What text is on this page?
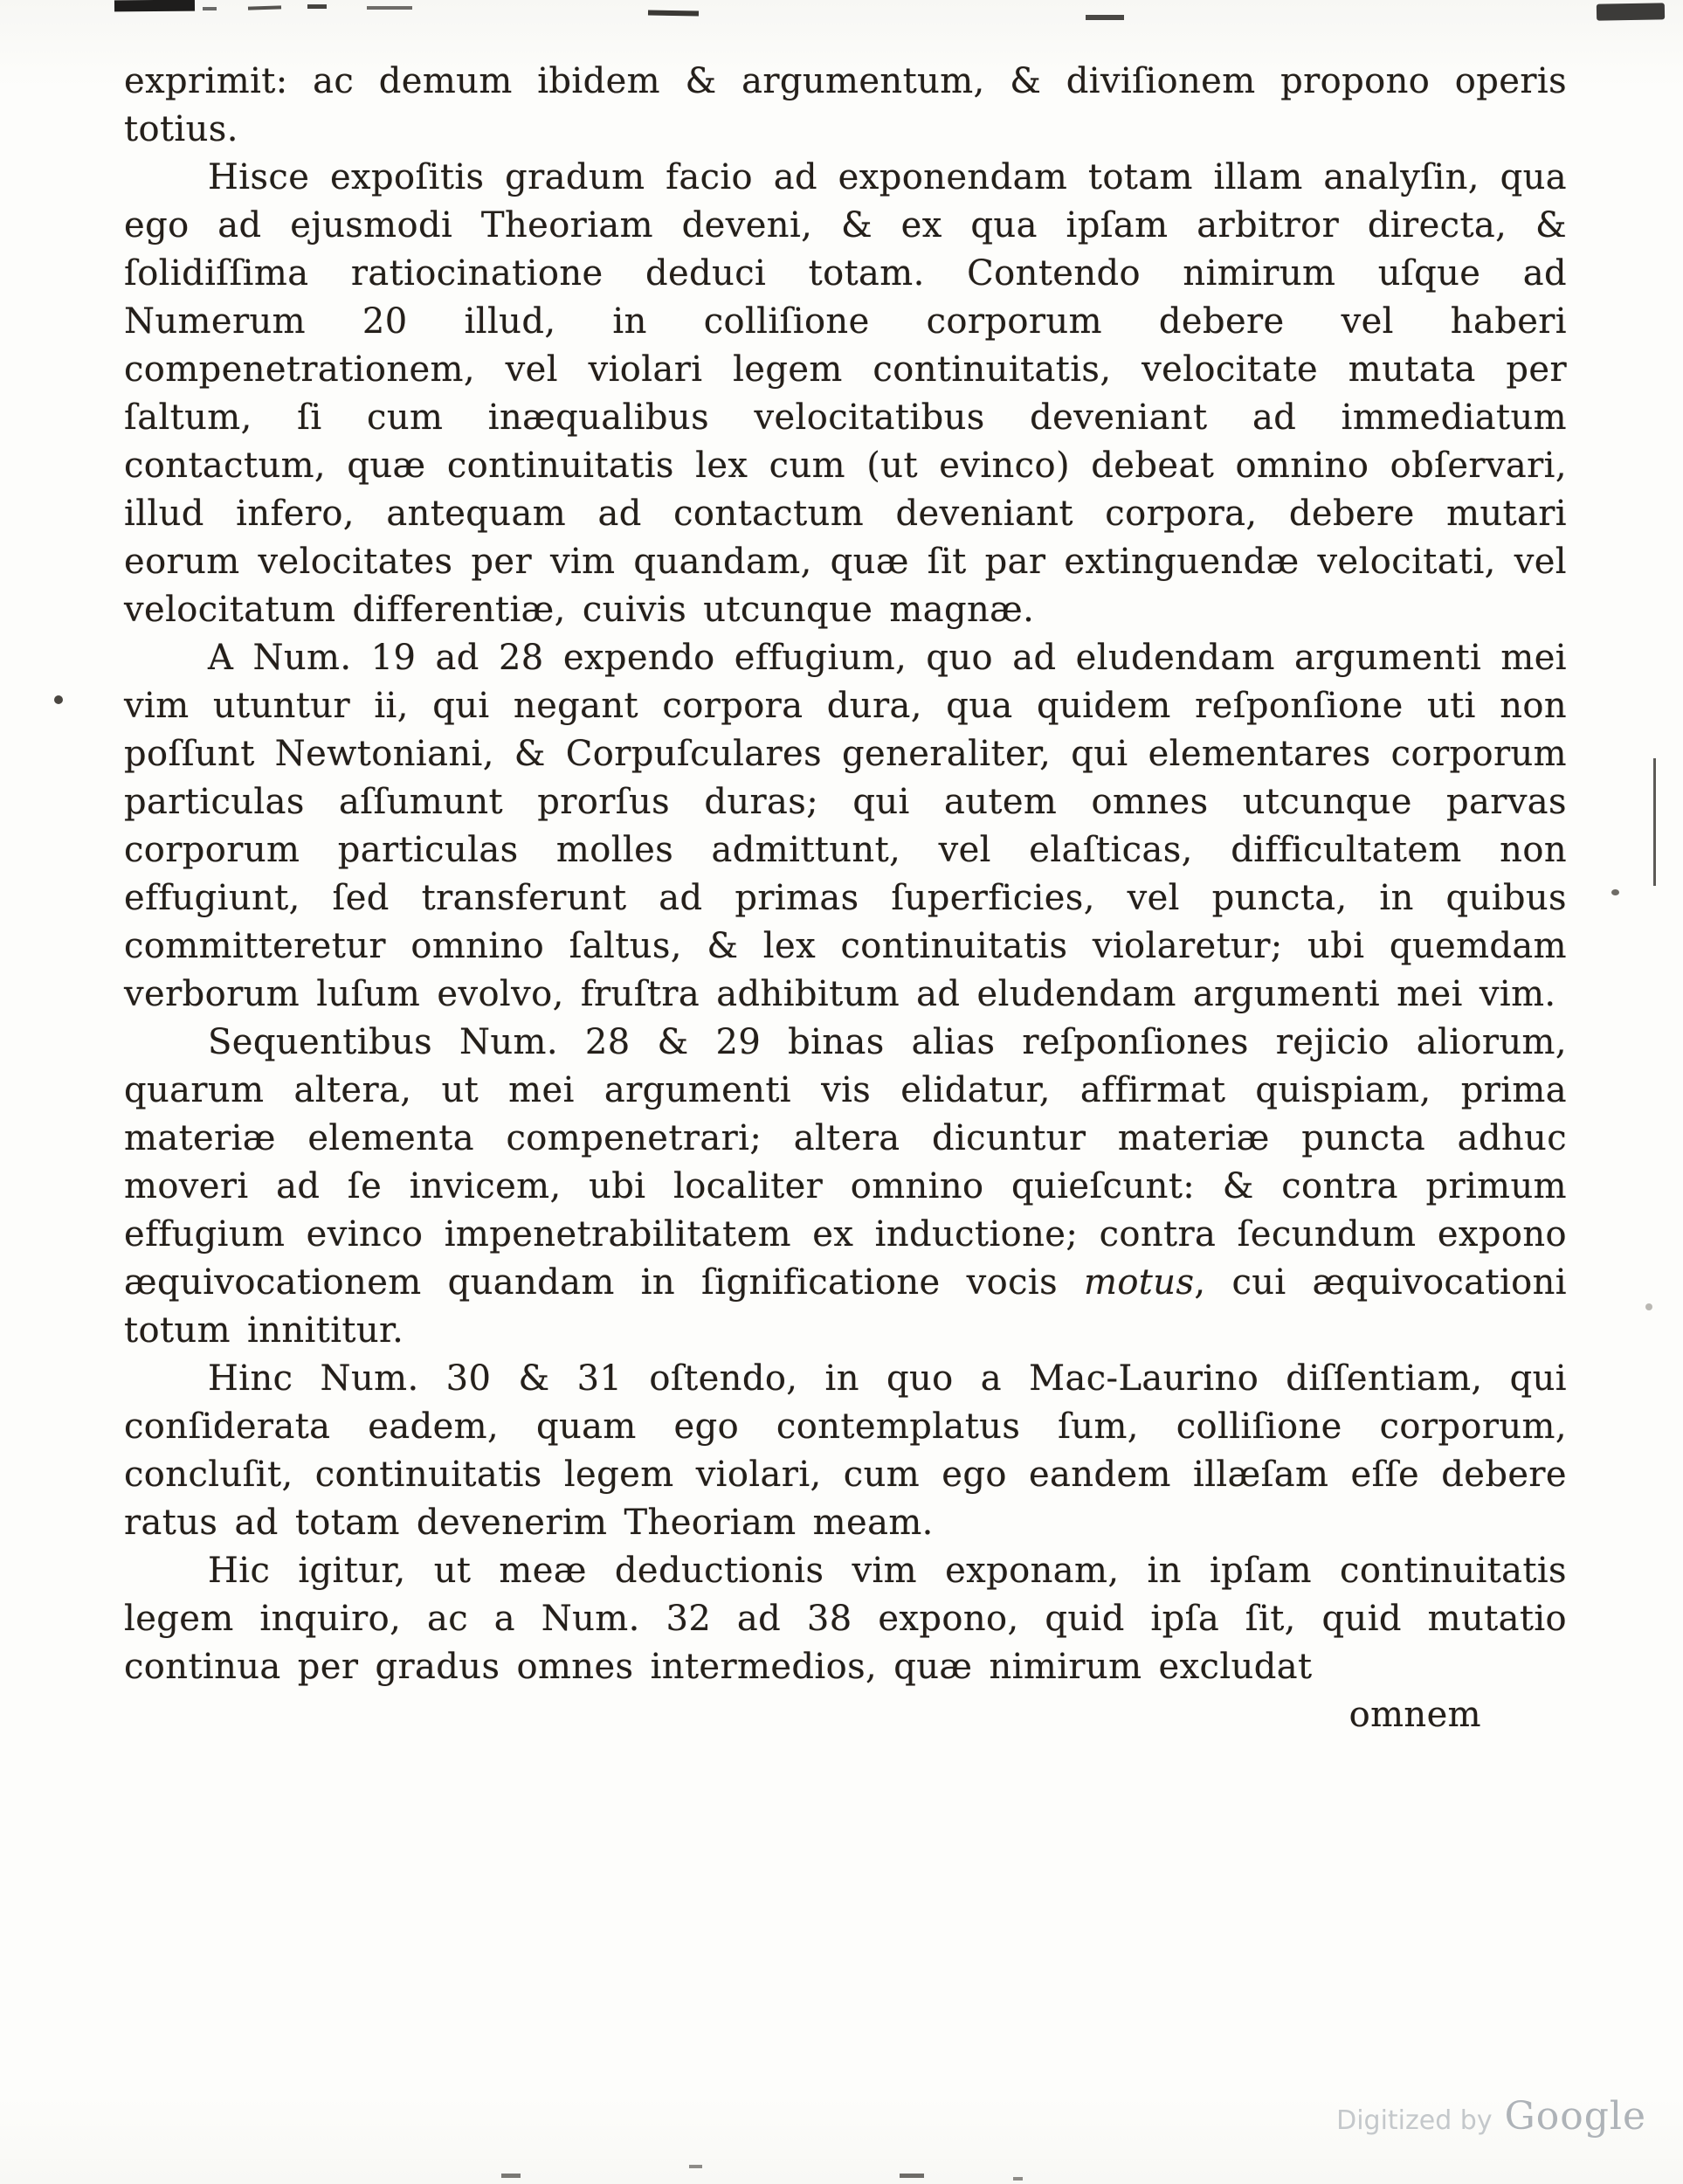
exprimit: ac demum ibidem & argumentum, & diviſionem propono operis totius.

Hisce expoſitis gradum facio ad exponendam totam illam analyſin, qua ego ad ejusmodi Theoriam deveni, & ex qua ipſam arbitror directa, & ſolidiſſima ratiocinatione deduci totam. Contendo nimirum uſque ad Numerum 20 illud, in colliſione corporum debere vel haberi compenetrationem, vel violari legem continuitatis, velocitate mutata per ſaltum, ſi cum inæqualibus velocitatibus deveniant ad immediatum contactum, quæ continuitatis lex cum (ut evinco) debeat omnino obſervari, illud infero, antequam ad contactum deveniant corpora, debere mutari eorum velocitates per vim quandam, quæ ſit par extinguendæ velocitati, vel velocitatum differentiæ, cuivis utcunque magnæ.

A Num. 19 ad 28 expendo effugium, quo ad eludendam argumenti mei vim utuntur ii, qui negant corpora dura, qua quidem reſponſione uti non poſſunt Newtoniani, & Corpuſculares generaliter, qui elementares corporum particulas aſſumunt prorſus duras; qui autem omnes utcunque parvas corporum particulas molles admittunt, vel elaſticas, difficultatem non effugiunt, ſed transferunt ad primas ſuperficies, vel puncta, in quibus committeretur omnino ſaltus, & lex continuitatis violaretur; ubi quemdam verborum luſum evolvo, fruſtra adhibitum ad eludendam argumenti mei vim.

Sequentibus Num. 28 & 29 binas alias reſponſiones rejicio aliorum, quarum altera, ut mei argumenti vis elidatur, affirmat quispiam, prima materiæ elementa compenetrari; altera dicuntur materiæ puncta adhuc moveri ad ſe invicem, ubi localiter omnino quieſcunt: & contra primum effugium evinco impenetrabilitatem ex inductione; contra ſecundum expono æquivocationem quandam in ſignificatione vocis motus, cui æquivocationi totum innititur.

Hinc Num. 30 & 31 oſtendo, in quo a Mac-Laurino diſſentiam, qui conſiderata eadem, quam ego contemplatus ſum, colliſione corporum, concluſit, continuitatis legem violari, cum ego eandem illæſam eſſe debere ratus ad totam devenerim Theoriam meam.

Hic igitur, ut meæ deductionis vim exponam, in ipſam continuitatis legem inquiro, ac a Num. 32 ad 38 expono, quid ipſa ſit, quid mutatio continua per gradus omnes intermedios, quæ nimirum excludat

omnem

Digitized by Google
